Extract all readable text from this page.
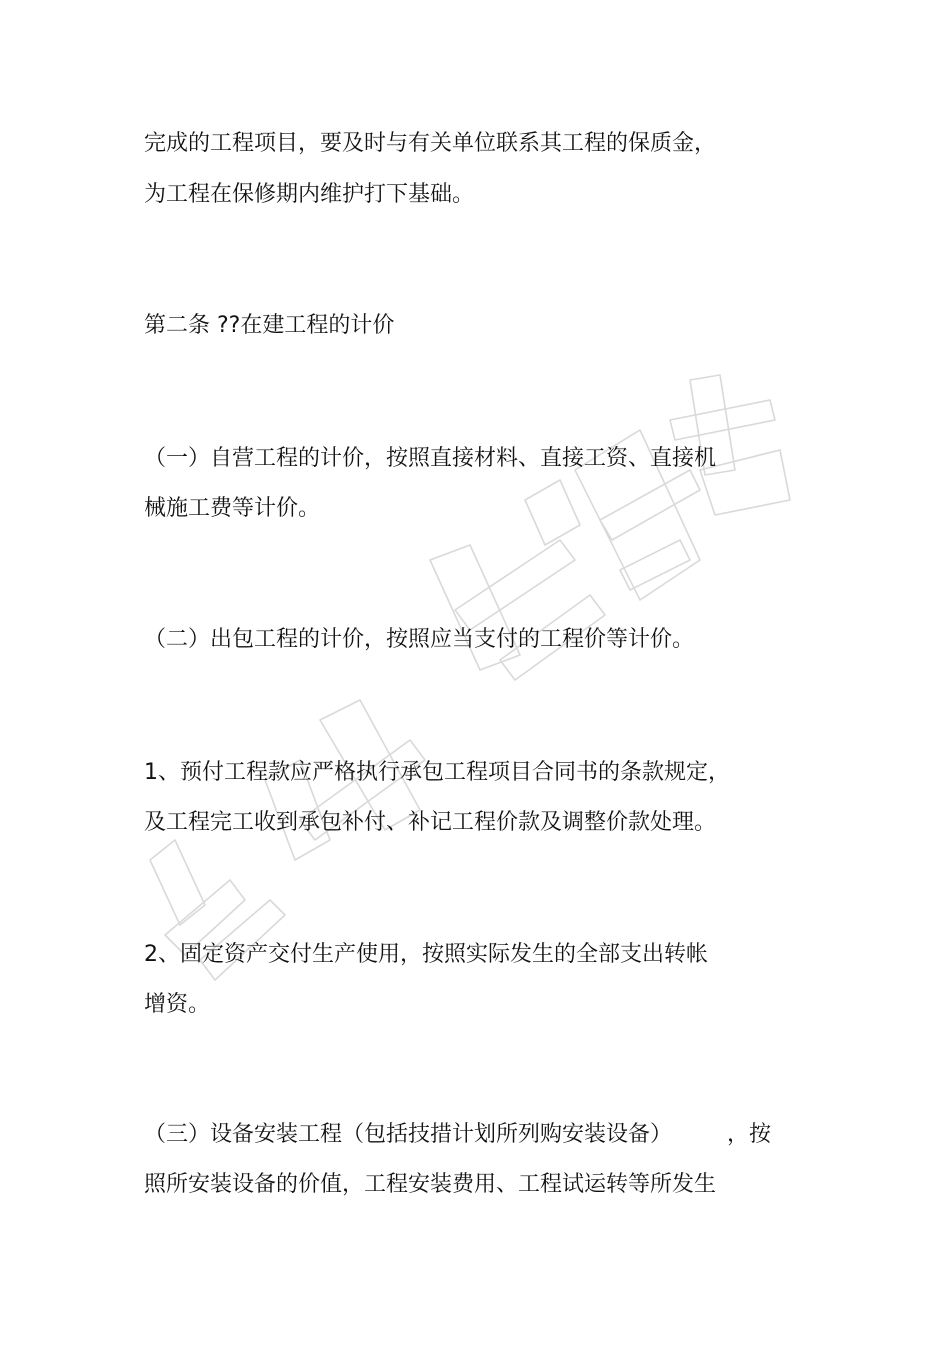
完成的工程项目，要及时与有关单位联系其工程的保质金，
为工程在保修期内维护打下基础。
第二条 ??在建工程的计价
（一）自营工程的计价，按照直接材料、直接工资、直接机
械施工费等计价。
（二）出包工程的计价，按照应当支付的工程价等计价。
1、预付工程款应严格执行承包工程项目合同书的条款规定，
及工程完工收到承包补付、补记工程价款及调整价款处理。
2、固定资产交付生产使用，按照实际发生的全部支出转帐
增资。
（三）设备安装工程（包括技措计划所列购安装设备）　　　，按
照所安装设备的价值，工程安装费用、工程试运转等所发生
